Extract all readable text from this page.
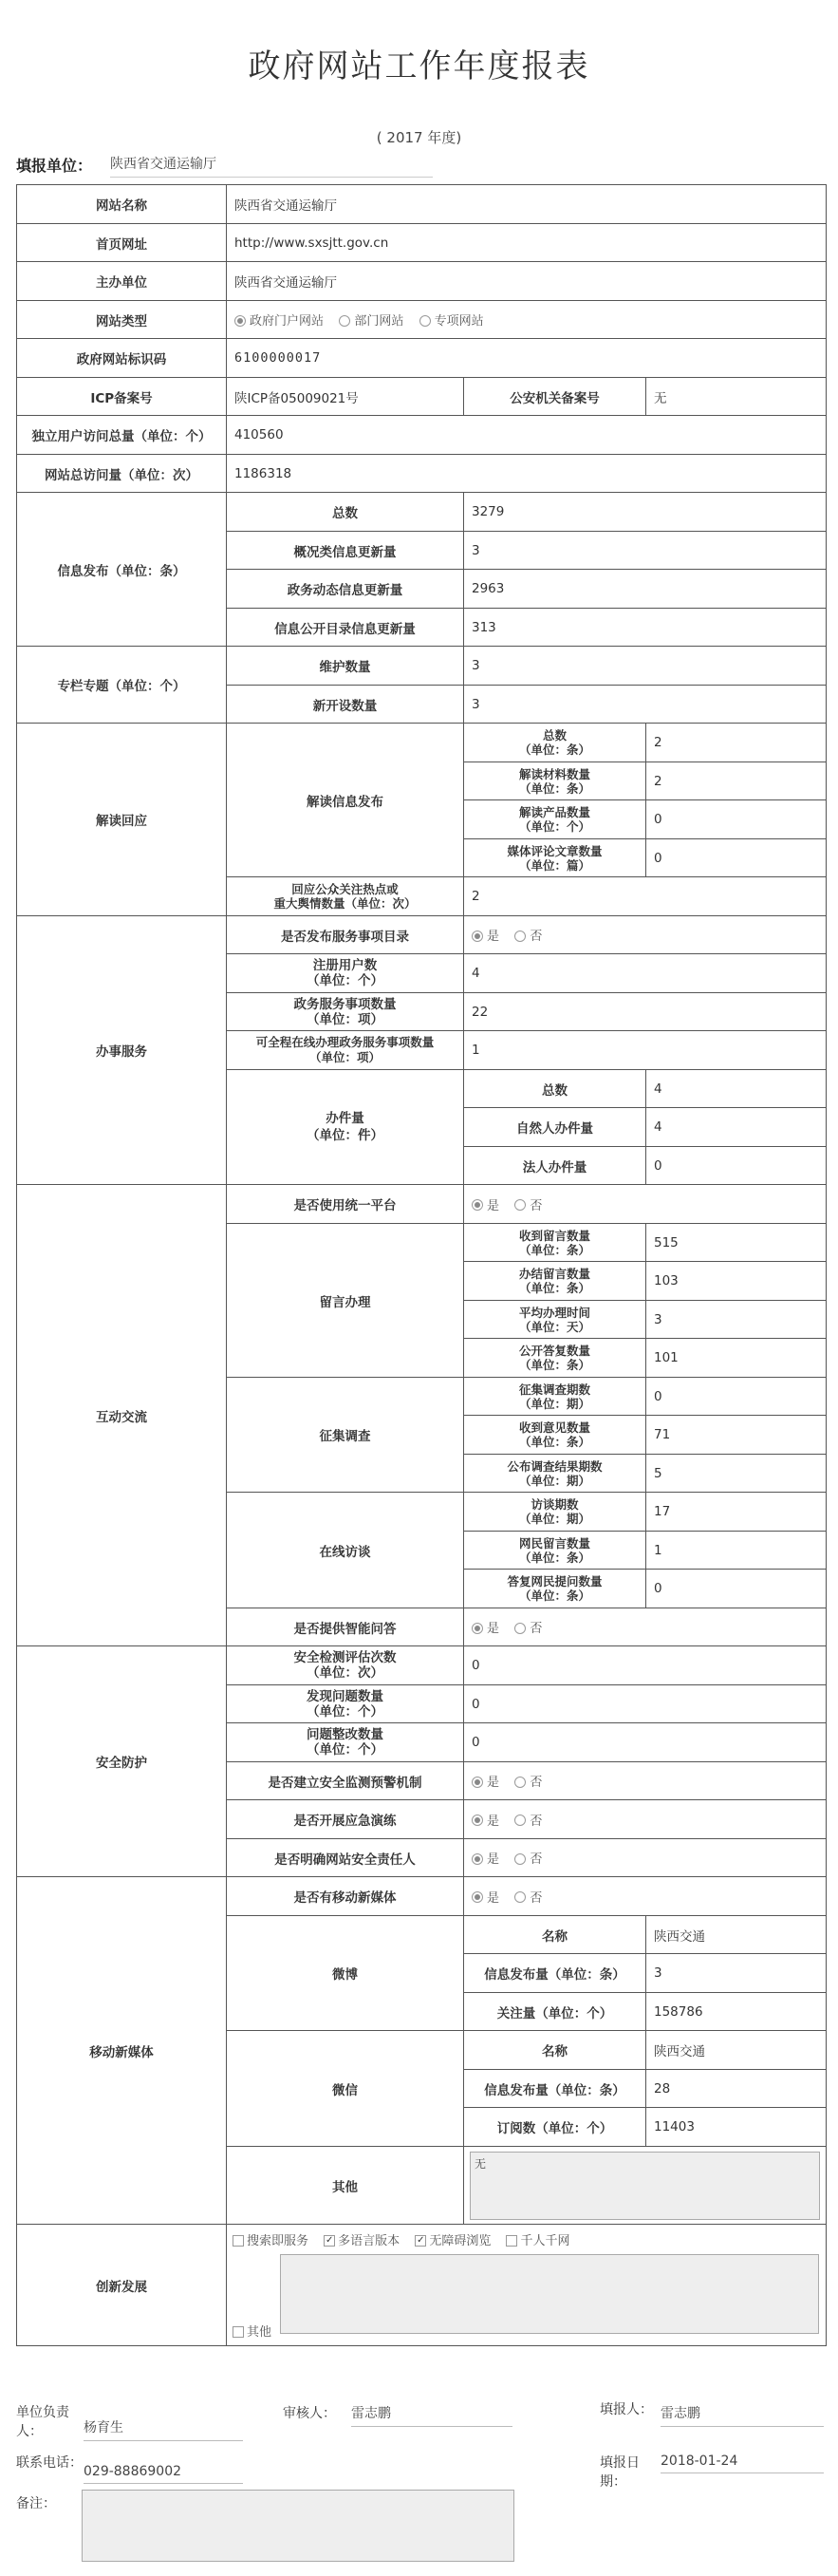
政府网站工作年度报表
( 2017 年度)
填报单位： 陕西省交通运输厅
网站名称	陕西省交通运输厅		
首页网址	http://www.sxsjtt.gov.cn		
主办单位	陕西省交通运输厅		
网站类型	政府门户网站 部门网站 专项网站		
政府网站标识码	6100000017		
ICP备案号	陕ICP备05009021号	公安机关备案号	无
独立用户访问总量（单位：个）	410560		
网站总访问量（单位：次）	1186318		
信息发布（单位：条）	总数	3279	
	概况类信息更新量	3	
	政务动态信息更新量	2963	
	信息公开目录信息更新量	313	
专栏专题（单位：个）	维护数量	3	
	新开设数量	3	
解读回应	解读信息发布	总数
（单位：条）	2
		解读材料数量
（单位：条）	2
		解读产品数量
（单位：个）	0
		媒体评论文章数量
（单位：篇）	0
	回应公众关注热点或
重大舆情数量（单位：次）	2	
办事服务	是否发布服务事项目录	是 否	
	注册用户数
（单位：个）	4	
	政务服务事项数量
（单位：项）	22	
	可全程在线办理政务服务事项数量
（单位：项）	1	
	办件量
（单位：件）	总数	4
		自然人办件量	4
		法人办件量	0
互动交流	是否使用统一平台	是 否	
	留言办理	收到留言数量
（单位：条）	515
		办结留言数量
（单位：条）	103
		平均办理时间
（单位：天）	3
		公开答复数量
（单位：条）	101
	征集调查	征集调查期数
（单位：期）	0
		收到意见数量
（单位：条）	71
		公布调查结果期数
（单位：期）	5
	在线访谈	访谈期数
（单位：期）	17
		网民留言数量
（单位：条）	1
		答复网民提问数量
（单位：条）	0
	是否提供智能问答	是 否	
安全防护	安全检测评估次数
（单位：次）	0	
	发现问题数量
（单位：个）	0	
	问题整改数量
（单位：个）	0	
	是否建立安全监测预警机制	是 否	
	是否开展应急演练	是 否	
	是否明确网站安全责任人	是 否	
移动新媒体	是否有移动新媒体	是 否	
	微博	名称	陕西交通
		信息发布量（单位：条）	3
		关注量（单位：个）	158786
	微信	名称	陕西交通
		信息发布量（单位：条）	28
		订阅数（单位：个）	11403
	其他	无	

创新发展	搜索即服务 ✓ 多语言版本 ✓ 无障碍浏览 千人千网
其他		
单位负责人：	杨育生
审核人： 雷志鹏	填报人： 雷志鹏
联系电话：
029-88869002
填报日期：
2018-01-24
备注：
